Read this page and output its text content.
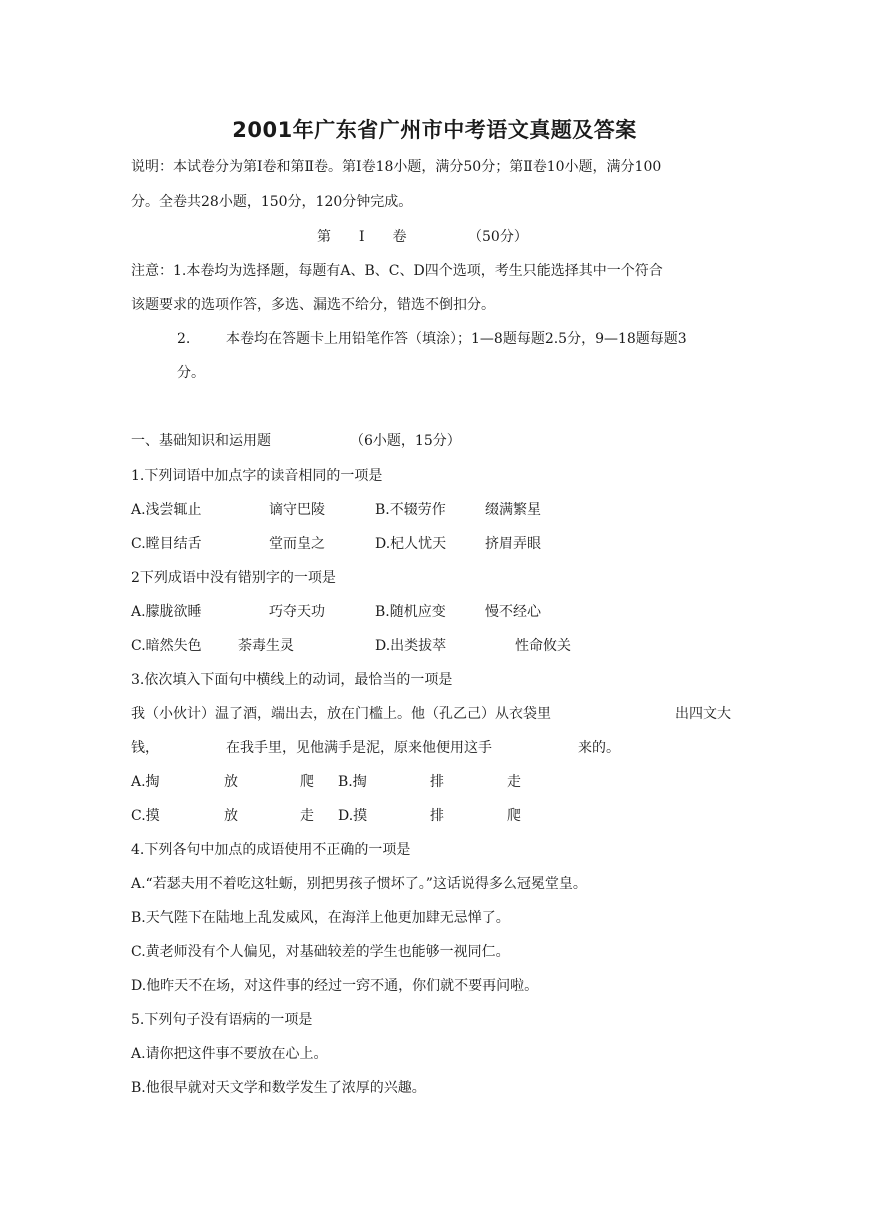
2001年广东省广州市中考语文真题及答案
说明：本试卷分为第Ⅰ卷和第Ⅱ卷。第Ⅰ卷18小题，满分50分；第Ⅱ卷10小题，满分100
分。全卷共28小题，150分，120分钟完成。
第　　Ⅰ　　卷	（50分）
注意：1.本卷均为选择题，每题有A、B、C、D四个选项，考生只能选择其中一个符合
该题要求的选项作答，多选、漏选不给分，错选不倒扣分。
2.	本卷均在答题卡上用铅笔作答（填涂）；1—8题每题2.5分，9—18题每题3
分。
一、基础知识和运用题	（6小题，15分）
1.下列词语中加点字的读音相同的一项是
A.浅尝辄止	谪守巴陵	B.不辍劳作	缀满繁星
C.瞠目结舌	堂而皇之	D.杞人忧天	挤眉弄眼
2下列成语中没有错别字的一项是
A.朦胧欲睡	巧夺天功	B.随机应变	慢不经心
C.暗然失色	荼毒生灵	D.出类拔萃	性命攸关
3.依次填入下面句中横线上的动词，最恰当的一项是
我（小伙计）温了酒，端出去，放在门槛上。他（孔乙己）从衣袋里	出四文大
钱，	在我手里，见他满手是泥，原来他便用这手	来的。
A.掏	放	爬 B.掏	排	走
C.摸	放	走 D.摸	排	爬
4.下列各句中加点的成语使用不正确的一项是
A.“若瑟夫用不着吃这牡蛎，别把男孩子惯坏了。”这话说得多么冠冕堂皇。
B.天气陛下在陆地上乱发威风，在海洋上他更加肆无忌惮了。
C.黄老师没有个人偏见，对基础较差的学生也能够一视同仁。
D.他昨天不在场，对这件事的经过一窍不通，你们就不要再问啦。
5.下列句子没有语病的一项是
A.请你把这件事不要放在心上。
B.他很早就对天文学和数学发生了浓厚的兴趣。
